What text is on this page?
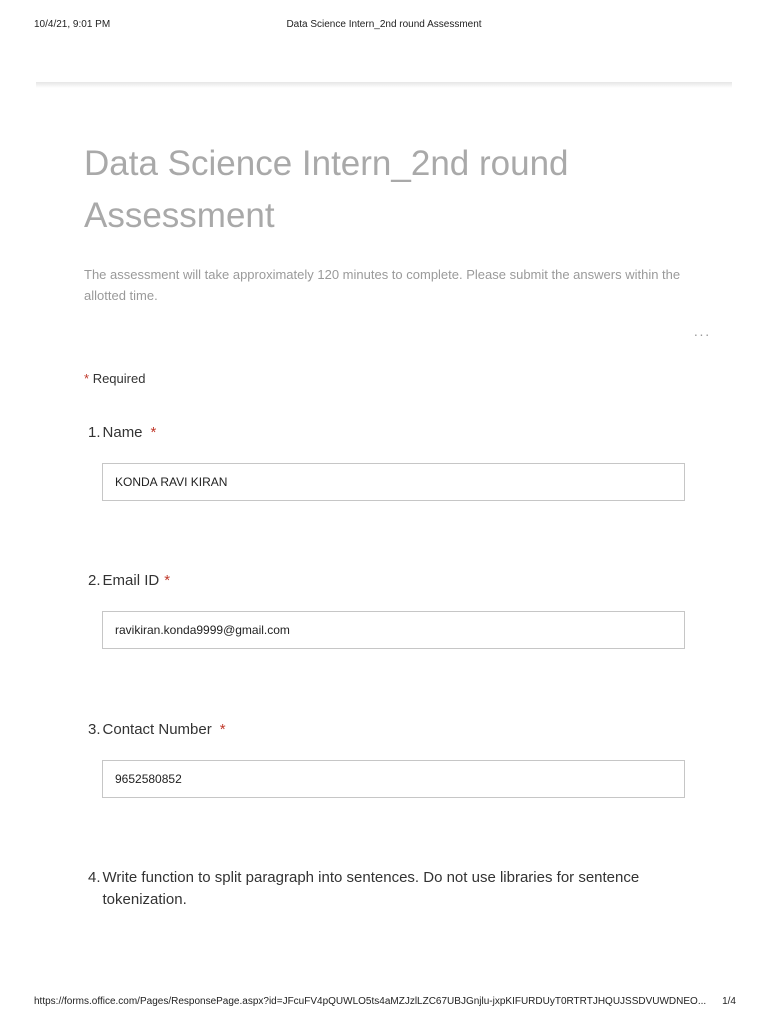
10/4/21, 9:01 PM	Data Science Intern_2nd round Assessment
Data Science Intern_2nd round Assessment
The assessment will take approximately 120 minutes to complete. Please submit the answers within the allotted time.
···
* Required
1. Name *
KONDA RAVI KIRAN
2. Email ID *
ravikiran.konda9999@gmail.com
3. Contact Number *
9652580852
4. Write function to split paragraph into sentences. Do not use libraries for sentence tokenization.
https://forms.office.com/Pages/ResponsePage.aspx?id=JFcuFV4pQUWLO5ts4aMZJzlLZC67UBJGnjlu-jxpKIFURDUyT0RTRTJHQUJSSDVUWDNEO...	1/4
